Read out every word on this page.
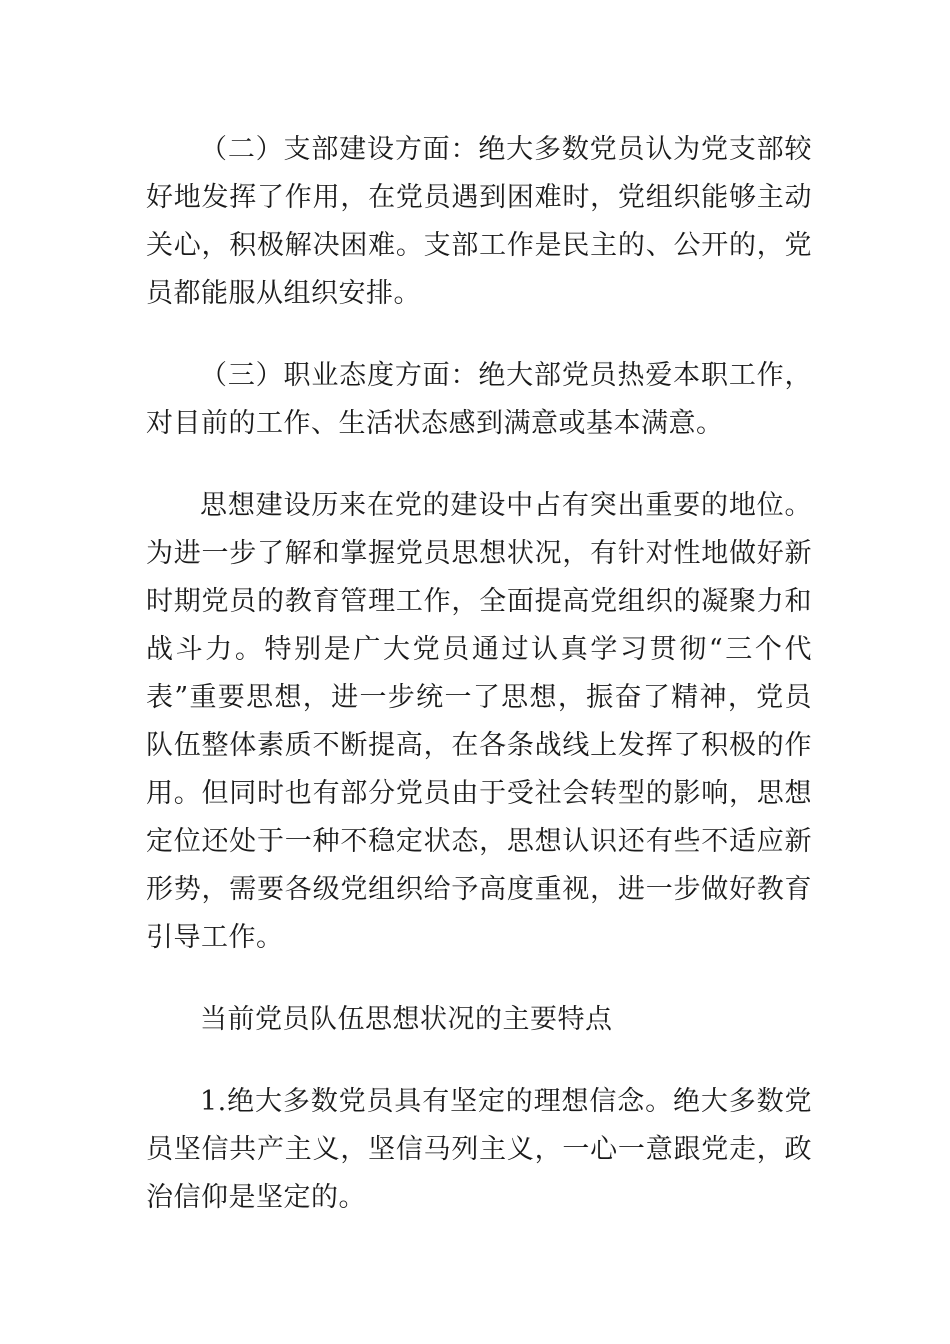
（二）支部建设方面：绝大多数党员认为党支部较好地发挥了作用，在党员遇到困难时，党组织能够主动关心，积极解决困难。支部工作是民主的、公开的，党员都能服从组织安排。

（三）职业态度方面：绝大部党员热爱本职工作，对目前的工作、生活状态感到满意或基本满意。

思想建设历来在党的建设中占有突出重要的地位。为进一步了解和掌握党员思想状况，有针对性地做好新时期党员的教育管理工作，全面提高党组织的凝聚力和战斗力。特别是广大党员通过认真学习贯彻“三个代表”重要思想，进一步统一了思想，振奋了精神，党员队伍整体素质不断提高，在各条战线上发挥了积极的作用。但同时也有部分党员由于受社会转型的影响，思想定位还处于一种不稳定状态，思想认识还有些不适应新形势，需要各级党组织给予高度重视，进一步做好教育引导工作。

当前党员队伍思想状况的主要特点

1.绝大多数党员具有坚定的理想信念。绝大多数党员坚信共产主义，坚信马列主义，一心一意跟党走，政治信仰是坚定的。
